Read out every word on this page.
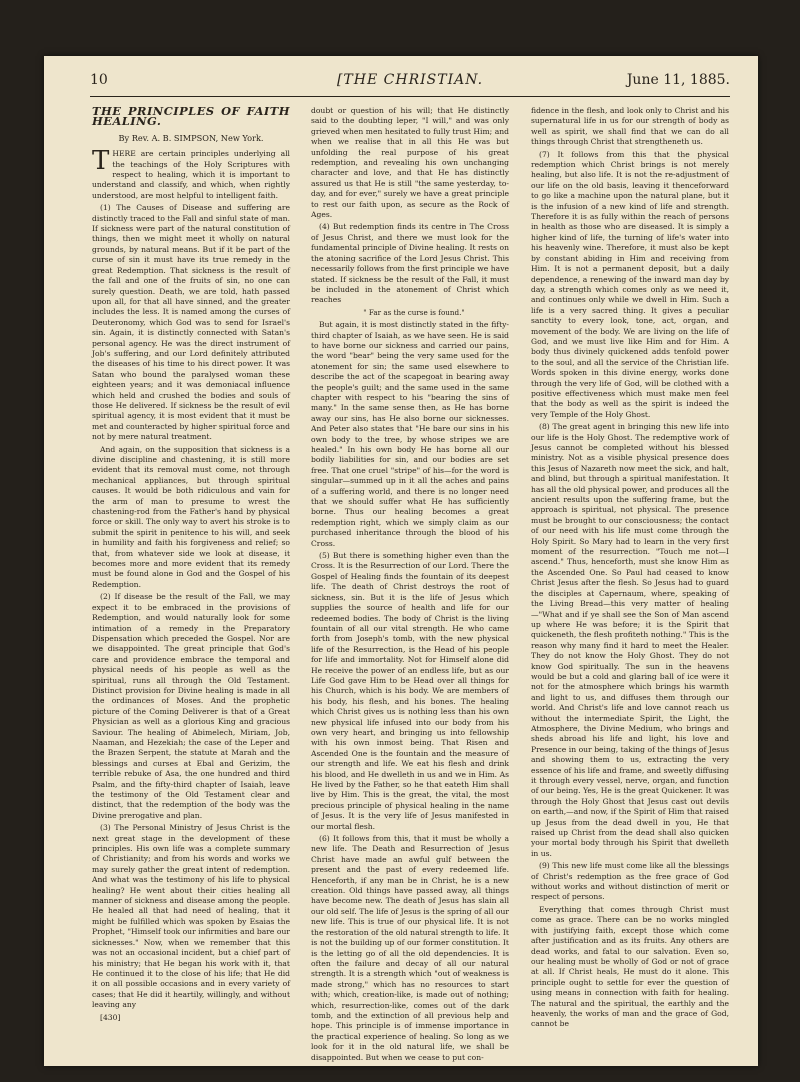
10	[THE CHRISTIAN.	June 11, 1885.
THE PRINCIPLES OF FAITH HEALING.
By Rev. A. B. SIMPSON, New York.

THERE are certain principles underlying all the teachings of the Holy Scriptures with respect to healing, which it is important to understand and classify, and which, when rightly understood, are most helpful to intelligent faith.

(1) The Causes of Disease and suffering are distinctly traced to the Fall and sinful state of man. If sickness were part of the natural constitution of things, then we might meet it wholly on natural grounds, by natural means. But if it be part of the curse of sin it must have its true remedy in the great Redemption. That sickness is the result of the fall and one of the fruits of sin, no one can surely question. Death, we are told, hath passed upon all, for that all have sinned, and the greater includes the less. It is named among the curses of Deuteronomy, which God was to send for Israel's sin. Again, it is distinctly connected with Satan's personal agency. He was the direct instrument of Job's suffering, and our Lord definitely attributed the diseases of his time to his direct power. It was Satan who bound the paralysed woman these eighteen years; and it was demoniacal influence which held and crushed the bodies and souls of those He delivered. If sickness be the result of evil spiritual agency, it is most evident that it must be met and counteracted by higher spiritual force and not by mere natural treatment.

And again, on the supposition that sickness is a divine discipline and chastening, it is still more evident that its removal must come, not through mechanical appliances, but through spiritual causes. It would be both ridiculous and vain for the arm of man to presume to wrest the chastening-rod from the Father's hand by physical force or skill. The only way to avert his stroke is to submit the spirit in penitence to his will, and seek in humility and faith his forgiveness and relief; so that, from whatever side we look at disease, it becomes more and more evident that its remedy must be found alone in God and the Gospel of his Redemption.

(2) If disease be the result of the Fall, we may expect it to be embraced in the provisions of Redemption, and would naturally look for some intimation of a remedy in the Preparatory Dispensation which preceded the Gospel. Nor are we disappointed. The great principle that God's care and providence embrace the temporal and physical needs of his people as well as the spiritual, runs all through the Old Testament. Distinct provision for Divine healing is made in all the ordinances of Moses. And the prophetic picture of the Coming Deliverer is that of a Great Physician as well as a glorious King and gracious Saviour. The healing of Abimelech, Miriam, Job, Naaman, and Hezekiah; the case of the Leper and the Brazen Serpent, the statute at Marah and the blessings and curses at Ebal and Gerizim, the terrible rebuke of Asa, the one hundred and third Psalm, and the fifty-third chapter of Isaiah, leave the testimony of the Old Testament clear and distinct, that the redemption of the body was the Divine prerogative and plan.

(3) The Personal Ministry of Jesus Christ is the next great stage in the development of these principles. His own life was a complete summary of Christianity; and from his words and works we may surely gather the great intent of redemption. And what was the testimony of his life to physical healing? He went about their cities healing all manner of sickness and disease among the people. He healed all that had need of healing, that it might be fulfilled which was spoken by Esaias the Prophet, "Himself took our infirmities and bare our sicknesses." Now, when we remember that this was not an occasional incident, but a chief part of his ministry; that He began his work with it, that He continued it to the close of his life; that He did it on all possible occasions and in every variety of cases; that He did it heartily, willingly, and without leaving any

[430]

doubt or question of his will; that He distinctly said to the doubting leper, "I will," and was only grieved when men hesitated to fully trust Him; and when we realise that in all this He was but unfolding the real purpose of his great redemption, and revealing his own unchanging character and love, and that He has distinctly assured us that He is still "the same yesterday, to-day, and for ever," surely we have a great principle to rest our faith upon, as secure as the Rock of Ages.

(4) But redemption finds its centre in The Cross of Jesus Christ, and there we must look for the fundamental principle of Divine healing. It rests on the atoning sacrifice of the Lord Jesus Christ. This necessarily follows from the first principle we have stated. If sickness be the result of the Fall, it must be included in the atonement of Christ which reaches

" Far as the curse is found."

But again, it is most distinctly stated in the fifty-third chapter of Isaiah, as we have seen. He is said to have borne our sickness and carried our pains, the word "bear" being the very same used for the atonement for sin; the same used elsewhere to describe the act of the scapegoat in bearing away the people's guilt; and the same used in the same chapter with respect to his "bearing the sins of many." In the same sense then, as He has borne away our sins, has He also borne our sicknesses. And Peter also states that "He bare our sins in his own body to the tree, by whose stripes we are healed." In his own body He has borne all our bodily liabilities for sin, and our bodies are set free. That one cruel "stripe" of his—for the word is singular—summed up in it all the aches and pains of a suffering world, and there is no longer need that we should suffer what He has sufficiently borne. Thus our healing becomes a great redemption right, which we simply claim as our purchased inheritance through the blood of his Cross.

(5) But there is something higher even than the Cross. It is the Resurrection of our Lord. There the Gospel of Healing finds the fountain of its deepest life. The death of Christ destroys the root of sickness, sin. But it is the life of Jesus which supplies the source of health and life for our redeemed bodies. The body of Christ is the living fountain of all our vital strength. He who came forth from Joseph's tomb, with the new physical life of the Resurrection, is the Head of his people for life and immortality. Not for Himself alone did He receive the power of an endless life, but as our Life God gave Him to be Head over all things for his Church, which is his body. We are members of his body, his flesh, and his bones. The healing which Christ gives us is nothing less than his own new physical life infused into our body from his own very heart, and bringing us into fellowship with his own inmost being. That Risen and Ascended One is the fountain and the measure of our strength and life. We eat his flesh and drink his blood, and He dwelleth in us and we in Him. As He lived by the Father, so he that eateth Him shall live by Him. This is the great, the vital, the most precious principle of physical healing in the name of Jesus. It is the very life of Jesus manifested in our mortal flesh.

(6) It follows from this, that it must be wholly a new life. The Death and Resurrection of Jesus Christ have made an awful gulf between the present and the past of every redeemed life. Henceforth, if any man be in Christ, he is a new creation. Old things have passed away, all things have become new. The death of Jesus has slain all our old self. The life of Jesus is the spring of all our new life. This is true of our physical life. It is not the restoration of the old natural strength to life. It is not the building up of our former constitution. It is the letting go of all the old dependencies. It is often the failure and decay of all our natural strength. It is a strength which "out of weakness is made strong," which has no resources to start with; which, creation-like, is made out of nothing; which, resurrection-like, comes out of the dark tomb, and the extinction of all previous help and hope. This principle is of immense importance in the practical experience of healing. So long as we look for it in the old natural life, we shall be disappointed. But when we cease to put con-

fidence in the flesh, and look only to Christ and his supernatural life in us for our strength of body as well as spirit, we shall find that we can do all things through Christ that strengtheneth us.

(7) It follows from this that the physical redemption which Christ brings is not merely healing, but also life. It is not the re-adjustment of our life on the old basis, leaving it thenceforward to go like a machine upon the natural plane, but it is the infusion of a new kind of life and strength. Therefore it is as fully within the reach of persons in health as those who are diseased. It is simply a higher kind of life, the turning of life's water into his heavenly wine. Therefore, it must also be kept by constant abiding in Him and receiving from Him. It is not a permanent deposit, but a daily dependence, a renewing of the inward man day by day, a strength which comes only as we need it, and continues only while we dwell in Him. Such a life is a very sacred thing. It gives a peculiar sanctity to every look, tone, act, organ, and movement of the body. We are living on the life of God, and we must live like Him and for Him. A body thus divinely quickened adds tenfold power to the soul, and all the service of the Christian life. Words spoken in this divine energy, works done through the very life of God, will be clothed with a positive effectiveness which must make men feel that the body as well as the spirit is indeed the very Temple of the Holy Ghost.

(8) The great agent in bringing this new life into our life is the Holy Ghost. The redemptive work of Jesus cannot be completed without his blessed ministry. Not as a visible physical presence does this Jesus of Nazareth now meet the sick, and halt, and blind, but through a spiritual manifestation. It has all the old physical power, and produces all the ancient results upon the suffering frame, but the approach is spiritual, not physical. The presence must be brought to our consciousness; the contact of our need with his life must come through the Holy Spirit. So Mary had to learn in the very first moment of the resurrection. "Touch me not—I ascend." Thus, henceforth, must she know Him as the Ascended One. So Paul had ceased to know Christ Jesus after the flesh. So Jesus had to guard the disciples at Capernaum, where, speaking of the Living Bread—this very matter of healing—"What and if ye shall see the Son of Man ascend up where He was before; it is the Spirit that quickeneth, the flesh profiteth nothing." This is the reason why many find it hard to meet the Healer. They do not know the Holy Ghost. They do not know God spiritually. The sun in the heavens would be but a cold and glaring ball of ice were it not for the atmosphere which brings his warmth and light to us, and diffuses them through our world. And Christ's life and love cannot reach us without the intermediate Spirit, the Light, the Atmosphere, the Divine Medium, who brings and sheds abroad his life and light, his love and Presence in our being, taking of the things of Jesus and showing them to us, extracting the very essence of his life and frame, and sweetly diffusing it through every vessel, nerve, organ, and function of our being. Yes, He is the great Quickener. It was through the Holy Ghost that Jesus cast out devils on earth,—and now, if the Spirit of Him that raised up Jesus from the dead dwell in you, He that raised up Christ from the dead shall also quicken your mortal body through his Spirit that dwelleth in us.

(9) This new life must come like all the blessings of Christ's redemption as the free grace of God without works and without distinction of merit or respect of persons.

Everything that comes through Christ must come as grace. There can be no works mingled with justifying faith, except those which come after justification and as its fruits. Any others are dead works, and fatal to our salvation. Even so, our healing must be wholly of God or not of grace at all. If Christ heals, He must do it alone. This principle ought to settle for ever the question of using means in connection with faith for healing. The natural and the spiritual, the earthly and the heavenly, the works of man and the grace of God, cannot be
